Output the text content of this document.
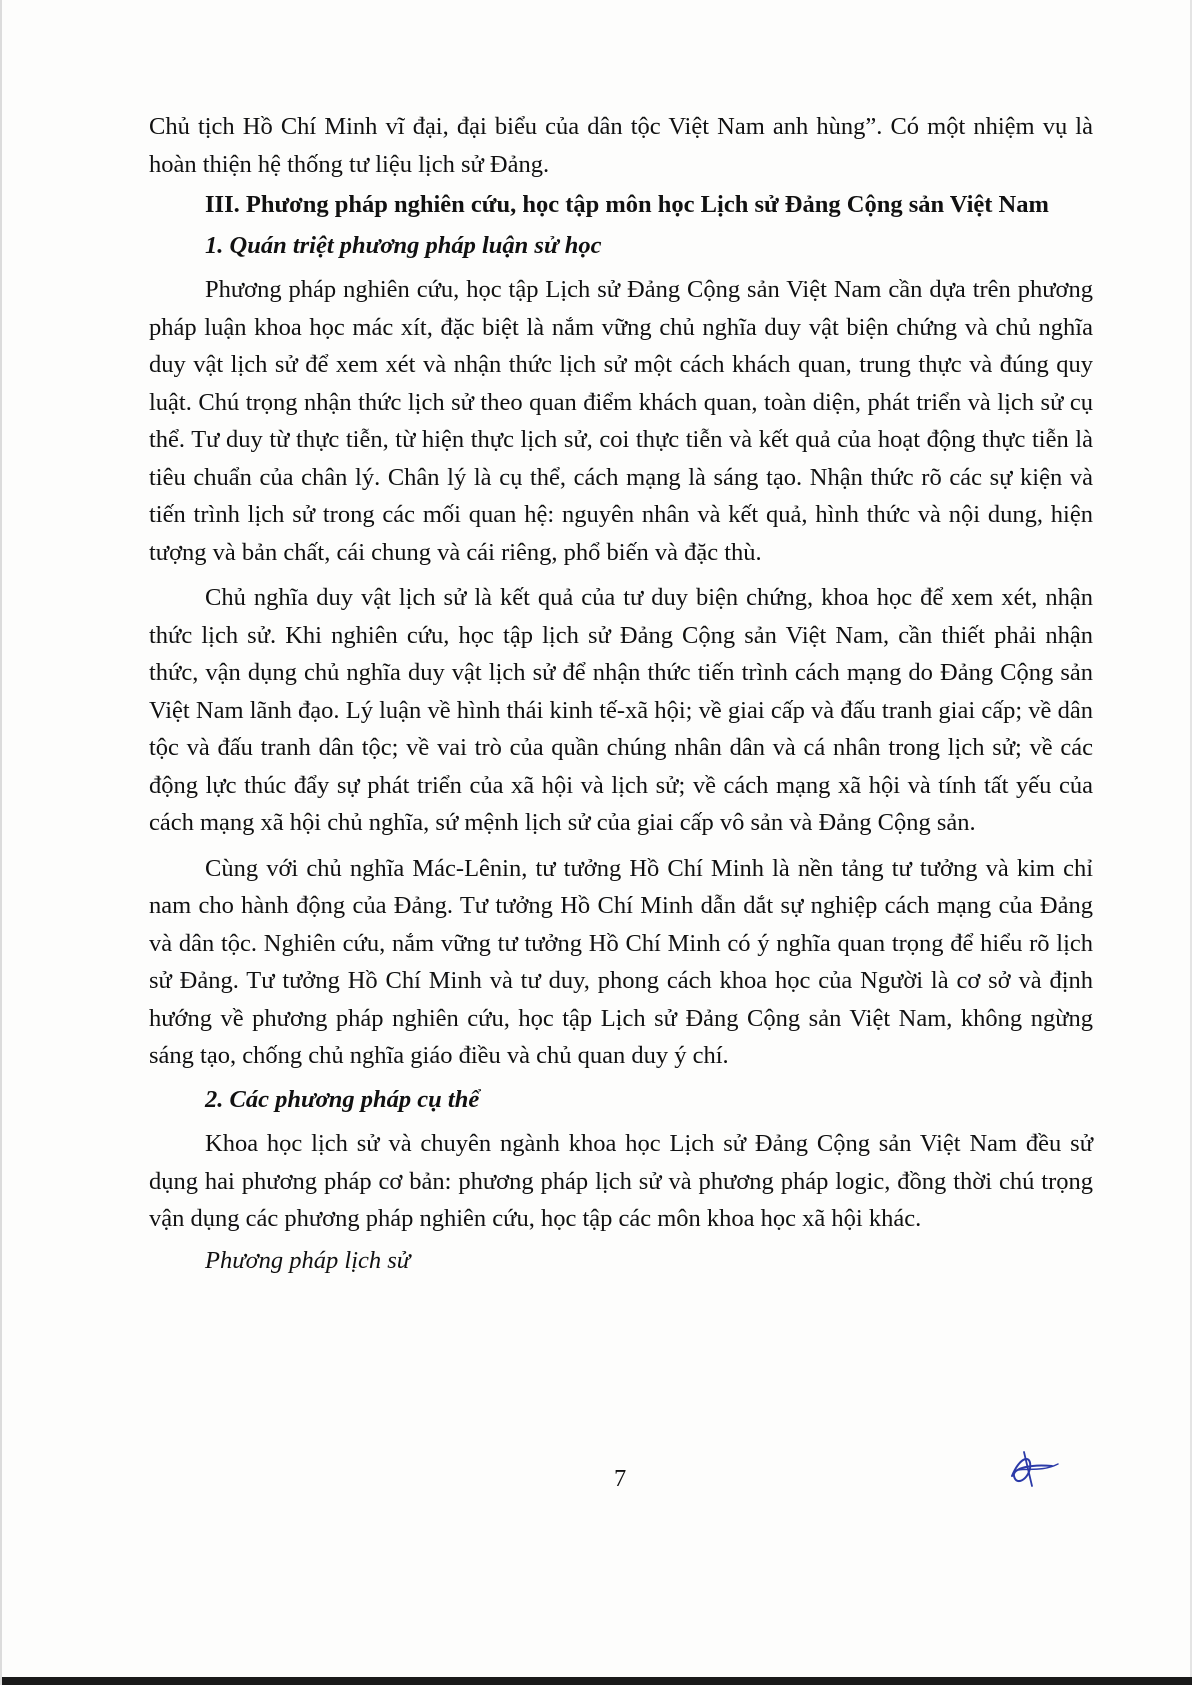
Chủ tịch Hồ Chí Minh vĩ đại, đại biểu của dân tộc Việt Nam anh hùng”. Có một nhiệm vụ là hoàn thiện hệ thống tư liệu lịch sử Đảng.

III. Phương pháp nghiên cứu, học tập môn học Lịch sử Đảng Cộng sản Việt Nam

1. Quán triệt phương pháp luận sử học

Phương pháp nghiên cứu, học tập Lịch sử Đảng Cộng sản Việt Nam cần dựa trên phương pháp luận khoa học mác xít, đặc biệt là nắm vững chủ nghĩa duy vật biện chứng và chủ nghĩa duy vật lịch sử để xem xét và nhận thức lịch sử một cách khách quan, trung thực và đúng quy luật. Chú trọng nhận thức lịch sử theo quan điểm khách quan, toàn diện, phát triển và lịch sử cụ thể. Tư duy từ thực tiễn, từ hiện thực lịch sử, coi thực tiễn và kết quả của hoạt động thực tiễn là tiêu chuẩn của chân lý. Chân lý là cụ thể, cách mạng là sáng tạo. Nhận thức rõ các sự kiện và tiến trình lịch sử trong các mối quan hệ: nguyên nhân và kết quả, hình thức và nội dung, hiện tượng và bản chất, cái chung và cái riêng, phổ biến và đặc thù.

Chủ nghĩa duy vật lịch sử là kết quả của tư duy biện chứng, khoa học để xem xét, nhận thức lịch sử. Khi nghiên cứu, học tập lịch sử Đảng Cộng sản Việt Nam, cần thiết phải nhận thức, vận dụng chủ nghĩa duy vật lịch sử để nhận thức tiến trình cách mạng do Đảng Cộng sản Việt Nam lãnh đạo. Lý luận về hình thái kinh tế-xã hội; về giai cấp và đấu tranh giai cấp; về dân tộc và đấu tranh dân tộc; về vai trò của quần chúng nhân dân và cá nhân trong lịch sử; về các động lực thúc đẩy sự phát triển của xã hội và lịch sử; về cách mạng xã hội và tính tất yếu của cách mạng xã hội chủ nghĩa, sứ mệnh lịch sử của giai cấp vô sản và Đảng Cộng sản.

Cùng với chủ nghĩa Mác-Lênin, tư tưởng Hồ Chí Minh là nền tảng tư tưởng và kim chỉ nam cho hành động của Đảng. Tư tưởng Hồ Chí Minh dẫn dắt sự nghiệp cách mạng của Đảng và dân tộc. Nghiên cứu, nắm vững tư tưởng Hồ Chí Minh có ý nghĩa quan trọng để hiểu rõ lịch sử Đảng. Tư tưởng Hồ Chí Minh và tư duy, phong cách khoa học của Người là cơ sở và định hướng về phương pháp nghiên cứu, học tập Lịch sử Đảng Cộng sản Việt Nam, không ngừng sáng tạo, chống chủ nghĩa giáo điều và chủ quan duy ý chí.

2. Các phương pháp cụ thể

Khoa học lịch sử và chuyên ngành khoa học Lịch sử Đảng Cộng sản Việt Nam đều sử dụng hai phương pháp cơ bản: phương pháp lịch sử và phương pháp logic, đồng thời chú trọng vận dụng các phương pháp nghiên cứu, học tập các môn khoa học xã hội khác.

Phương pháp lịch sử

7
